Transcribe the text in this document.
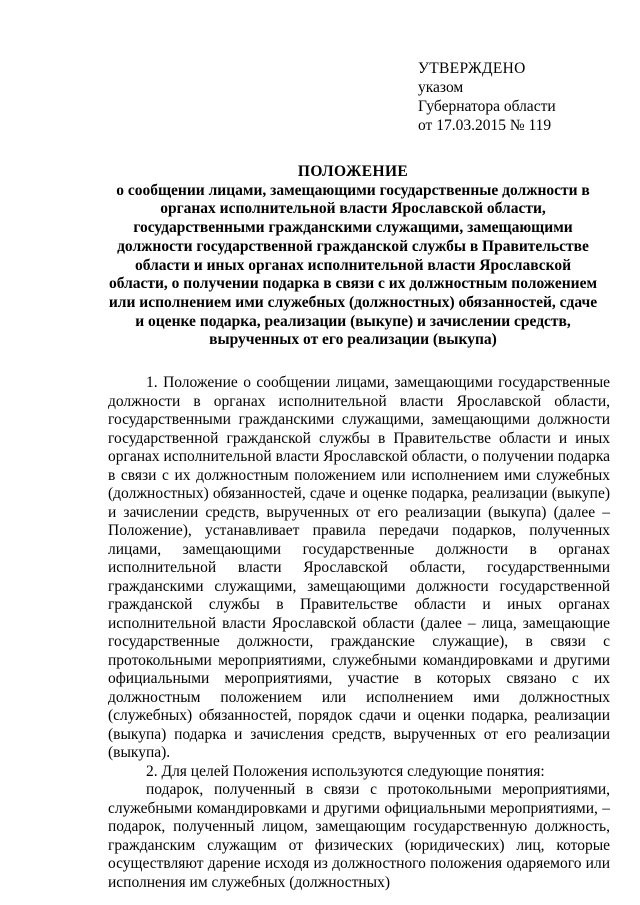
УТВЕРЖДЕНО
указом
Губернатора области
от 17.03.2015 № 119
ПОЛОЖЕНИЕ
о сообщении лицами, замещающими государственные должности в органах исполнительной власти Ярославской области, государственными гражданскими служащими, замещающими должности государственной гражданской службы в Правительстве области и иных органах исполнительной власти Ярославской области, о получении подарка в связи с их должностным положением или исполнением ими служебных (должностных) обязанностей, сдаче и оценке подарка, реализации (выкупе) и зачислении средств, вырученных от его реализации (выкупа)

1. Положение о сообщении лицами, замещающими государственные должности в органах исполнительной власти Ярославской области, государственными гражданскими служащими, замещающими должности государственной гражданской службы в Правительстве области и иных органах исполнительной власти Ярославской области, о получении подарка в связи с их должностным положением или исполнением ими служебных (должностных) обязанностей, сдаче и оценке подарка, реализации (выкупе) и зачислении средств, вырученных от его реализации (выкупа) (далее – Положение), устанавливает правила передачи подарков, полученных лицами, замещающими государственные должности в органах исполнительной власти Ярославской области, государственными гражданскими служащими, замещающими должности государственной гражданской службы в Правительстве области и иных органах исполнительной власти Ярославской области (далее – лица, замещающие государственные должности, гражданские служащие), в связи с протокольными мероприятиями, служебными командировками и другими официальными мероприятиями, участие в которых связано с их должностным положением или исполнением ими должностных (служебных) обязанностей, порядок сдачи и оценки подарка, реализации (выкупа) подарка и зачисления средств, вырученных от его реализации (выкупа).

2. Для целей Положения используются следующие понятия:

подарок, полученный в связи с протокольными мероприятиями, служебными командировками и другими официальными мероприятиями, – подарок, полученный лицом, замещающим государственную должность, гражданским служащим от физических (юридических) лиц, которые осуществляют дарение исходя из должностного положения одаряемого или исполнения им служебных (должностных)
